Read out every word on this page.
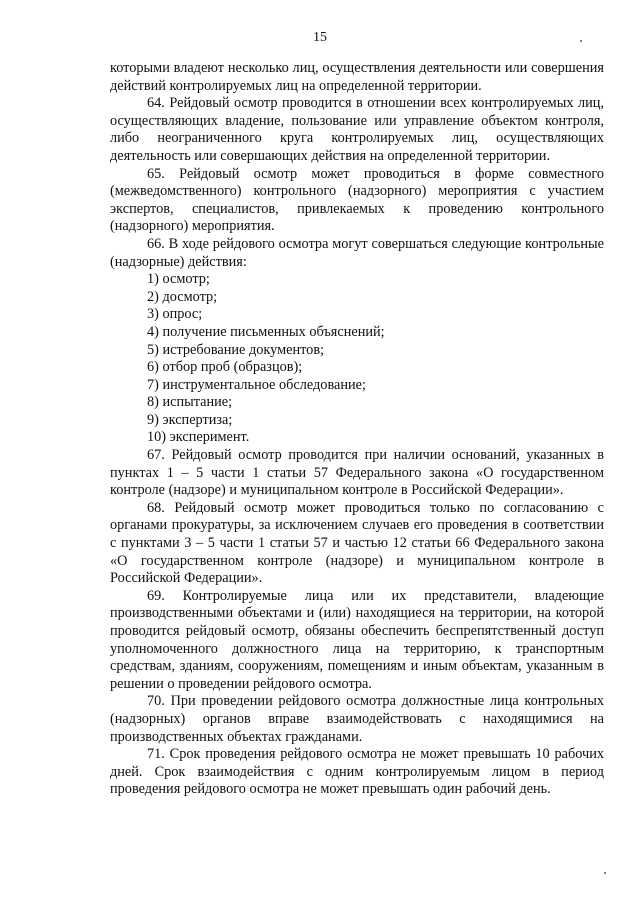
15

которыми владеют несколько лиц, осуществления деятельности или совершения действий контролируемых лиц на определенной территории.

64. Рейдовый осмотр проводится в отношении всех контролируемых лиц, осуществляющих владение, пользование или управление объектом контроля, либо неограниченного круга контролируемых лиц, осуществляющих деятельность или совершающих действия на определенной территории.

65. Рейдовый осмотр может проводиться в форме совместного (межведомственного) контрольного (надзорного) мероприятия с участием экспертов, специалистов, привлекаемых к проведению контрольного (надзорного) мероприятия.

66. В ходе рейдового осмотра могут совершаться следующие контрольные (надзорные) действия:

1) осмотр;
2) досмотр;
3) опрос;
4) получение письменных объяснений;
5) истребование документов;
6) отбор проб (образцов);
7) инструментальное обследование;
8) испытание;
9) экспертиза;
10) эксперимент.

67. Рейдовый осмотр проводится при наличии оснований, указанных в пунктах 1 – 5 части 1 статьи 57 Федерального закона «О государственном контроле (надзоре) и муниципальном контроле в Российской Федерации».

68. Рейдовый осмотр может проводиться только по согласованию с органами прокуратуры, за исключением случаев его проведения в соответствии с пунктами 3 – 5 части 1 статьи 57 и частью 12 статьи 66 Федерального закона «О государственном контроле (надзоре) и муниципальном контроле в Российской Федерации».

69. Контролируемые лица или их представители, владеющие производственными объектами и (или) находящиеся на территории, на которой проводится рейдовый осмотр, обязаны обеспечить беспрепятственный доступ уполномоченного должностного лица на территорию, к транспортным средствам, зданиям, сооружениям, помещениям и иным объектам, указанным в решении о проведении рейдового осмотра.

70. При проведении рейдового осмотра должностные лица контрольных (надзорных) органов вправе взаимодействовать с находящимися на производственных объектах гражданами.

71. Срок проведения рейдового осмотра не может превышать 10 рабочих дней. Срок взаимодействия с одним контролируемым лицом в период проведения рейдового осмотра не может превышать один рабочий день.
